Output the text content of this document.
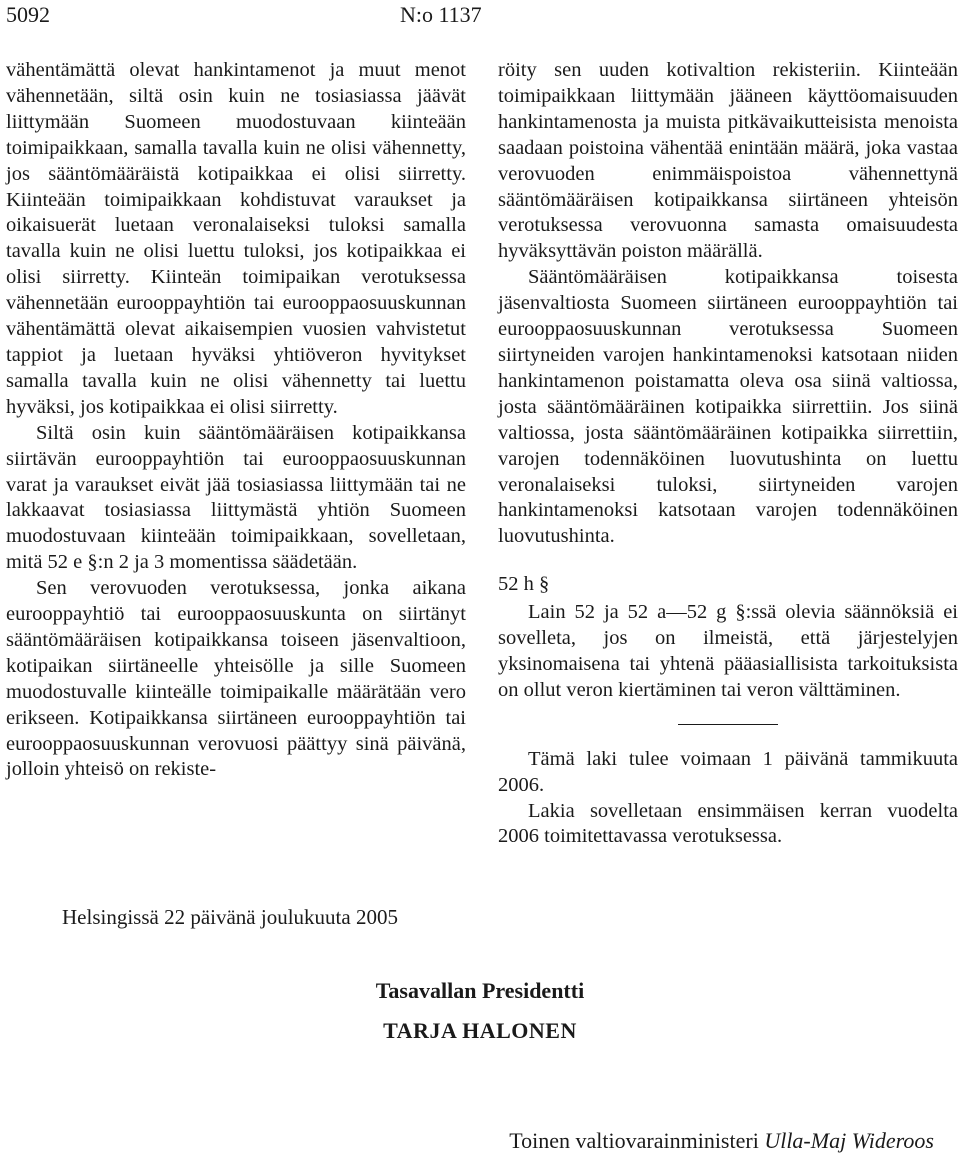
5092	N:o 1137

vähentämättä olevat hankintamenot ja muut menot vähennetään, siltä osin kuin ne tosiasiassa jäävät liittymään Suomeen muodostuvaan kiinteään toimipaikkaan, samalla tavalla kuin ne olisi vähennetty, jos sääntömääräistä kotipaikkaa ei olisi siirretty. Kiinteään toimipaikkaan kohdistuvat varaukset ja oikaisuerät luetaan veronalaiseksi tuloksi samalla tavalla kuin ne olisi luettu tuloksi, jos kotipaikkaa ei olisi siirretty. Kiinteän toimipaikan verotuksessa vähennetään eurooppayhtiön tai eurooppaosuuskunnan vähentämättä olevat aikaisempien vuosien vahvistetut tappiot ja luetaan hyväksi yhtiöveron hyvitykset samalla tavalla kuin ne olisi vähennetty tai luettu hyväksi, jos kotipaikkaa ei olisi siirretty.

Siltä osin kuin sääntömääräisen kotipaikkansa siirtävän eurooppayhtiön tai eurooppaosuuskunnan varat ja varaukset eivät jää tosiasiassa liittymään tai ne lakkaavat tosiasiassa liittymästä yhtiön Suomeen muodostuvaan kiinteään toimipaikkaan, sovelletaan, mitä 52 e §:n 2 ja 3 momentissa säädetään.

Sen verovuoden verotuksessa, jonka aikana eurooppayhtiö tai eurooppaosuuskunta on siirtänyt sääntömääräisen kotipaikkansa toiseen jäsenvaltioon, kotipaikan siirtäneelle yhteisölle ja sille Suomeen muodostuvalle kiinteälle toimipaikalle määrätään vero erikseen. Kotipaikkansa siirtäneen eurooppayhtiön tai eurooppaosuuskunnan verovuosi päättyy sinä päivänä, jolloin yhteisö on rekiste-

röity sen uuden kotivaltion rekisteriin. Kiinteään toimipaikkaan liittymään jääneen käyttöomaisuuden hankintamenosta ja muista pitkävaikutteisista menoista saadaan poistoina vähentää enintään määrä, joka vastaa verovuoden enimmäispoistoa vähennettynä sääntömääräisen kotipaikkansa siirtäneen yhteisön verotuksessa verovuonna samasta omaisuudesta hyväksyttävän poiston määrällä.

Sääntömääräisen kotipaikkansa toisesta jäsenvaltiosta Suomeen siirtäneen eurooppayhtiön tai eurooppaosuuskunnan verotuksessa Suomeen siirtyneiden varojen hankintamenoksi katsotaan niiden hankintamenon poistamatta oleva osa siinä valtiossa, josta sääntömääräinen kotipaikka siirrettiin. Jos siinä valtiossa, josta sääntömääräinen kotipaikka siirrettiin, varojen todennäköinen luovutushinta on luettu veronalaiseksi tuloksi, siirtyneiden varojen hankintamenoksi katsotaan varojen todennäköinen luovutushinta.

52 h §

Lain 52 ja 52 a—52 g §:ssä olevia säännöksiä ei sovelleta, jos on ilmeistä, että järjestelyjen yksinomaisena tai yhtenä pääasiallisista tarkoituksista on ollut veron kiertäminen tai veron välttäminen.

Tämä laki tulee voimaan 1 päivänä tammikuuta 2006.

Lakia sovelletaan ensimmäisen kerran vuodelta 2006 toimitettavassa verotuksessa.

Helsingissä 22 päivänä joulukuuta 2005
Tasavallan Presidentti
TARJA HALONEN
Toinen valtiovarainministeri Ulla-Maj Wideroos
